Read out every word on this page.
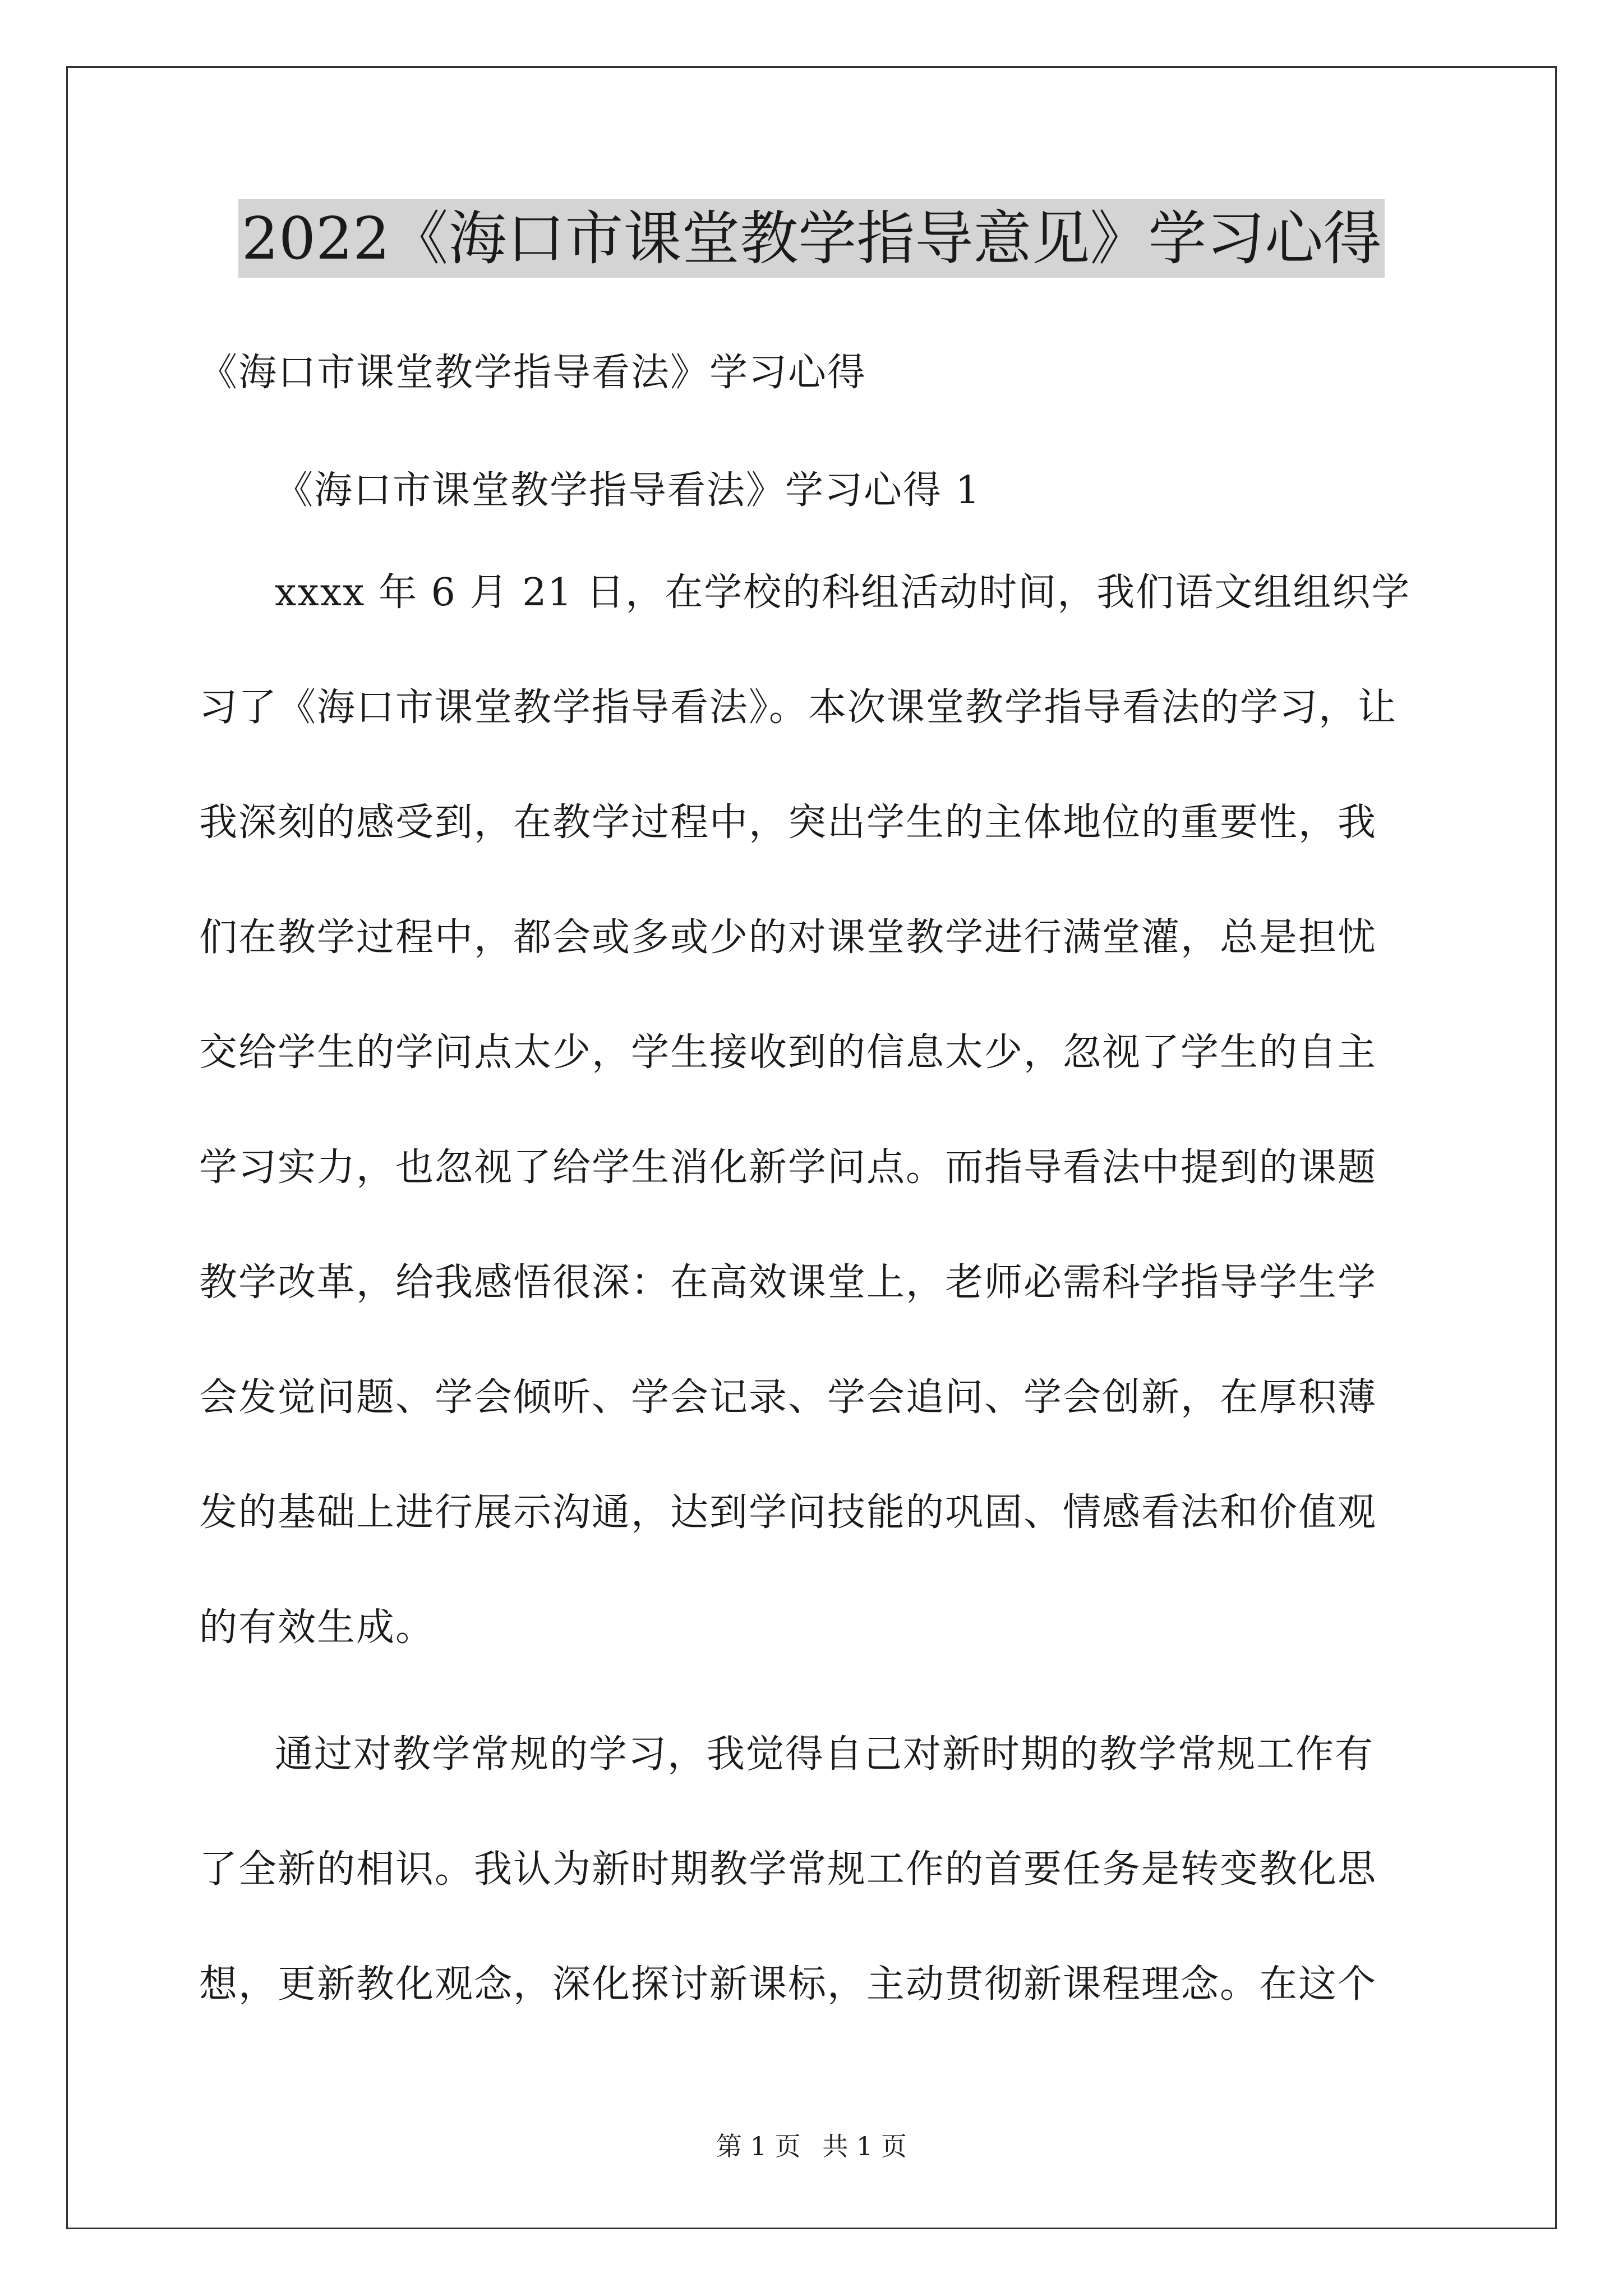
2022《海口市课堂教学指导意见》学习心得
《海口市课堂教学指导看法》学习心得
《海口市课堂教学指导看法》学习心得 1
xxxx 年 6 月 21 日，在学校的科组活动时间，我们语文组组织学
习了《海口市课堂教学指导看法》。本次课堂教学指导看法的学习，让
我深刻的感受到，在教学过程中，突出学生的主体地位的重要性，我
们在教学过程中，都会或多或少的对课堂教学进行满堂灌，总是担忧
交给学生的学问点太少，学生接收到的信息太少，忽视了学生的自主
学习实力，也忽视了给学生消化新学问点。而指导看法中提到的课题
教学改革，给我感悟很深：在高效课堂上，老师必需科学指导学生学
会发觉问题、学会倾听、学会记录、学会追问、学会创新，在厚积薄
发的基础上进行展示沟通，达到学问技能的巩固、情感看法和价值观
的有效生成。
通过对教学常规的学习，我觉得自己对新时期的教学常规工作有
了全新的相识。我认为新时期教学常规工作的首要任务是转变教化思
想，更新教化观念，深化探讨新课标，主动贯彻新课程理念。在这个
第 1 页 共 1 页
